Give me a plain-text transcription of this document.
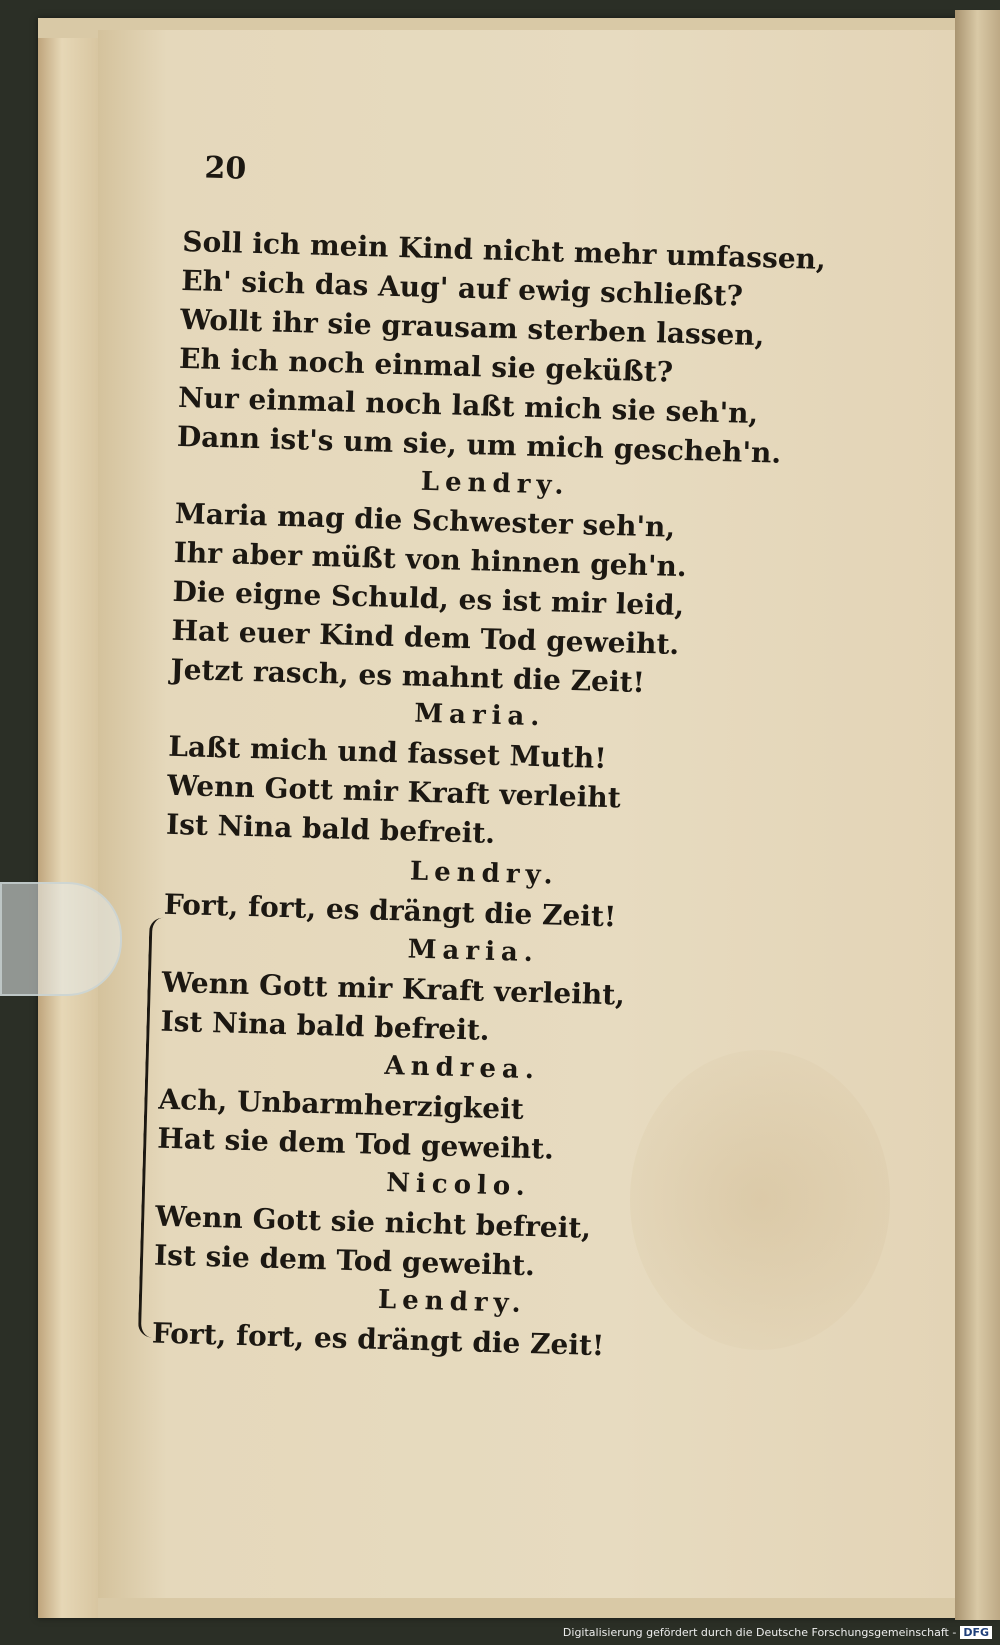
20
Soll ich mein Kind nicht mehr umfassen,
Eh' sich das Aug' auf ewig schließt?
Wollt ihr sie grausam sterben lassen,
Eh ich noch einmal sie geküßt?
Nur einmal noch laßt mich sie seh'n,
Dann ist's um sie, um mich gescheh'n.
Lendry.
Maria mag die Schwester seh'n,
Ihr aber müßt von hinnen geh'n.
Die eigne Schuld, es ist mir leid,
Hat euer Kind dem Tod geweiht.
Jetzt rasch, es mahnt die Zeit!
Maria.
Laßt mich und fasset Muth!
Wenn Gott mir Kraft verleiht
Ist Nina bald befreit.
Lendry.
Fort, fort, es drängt die Zeit!
Maria.
Wenn Gott mir Kraft verleiht,
Ist Nina bald befreit.
Andrea.
Ach, Unbarmherzigkeit
Hat sie dem Tod geweiht.
Nicolo.
Wenn Gott sie nicht befreit,
Ist sie dem Tod geweiht.
Lendry.
Fort, fort, es drängt die Zeit!
Digitalisierung gefördert durch die Deutsche Forschungsgemeinschaft - DFG
